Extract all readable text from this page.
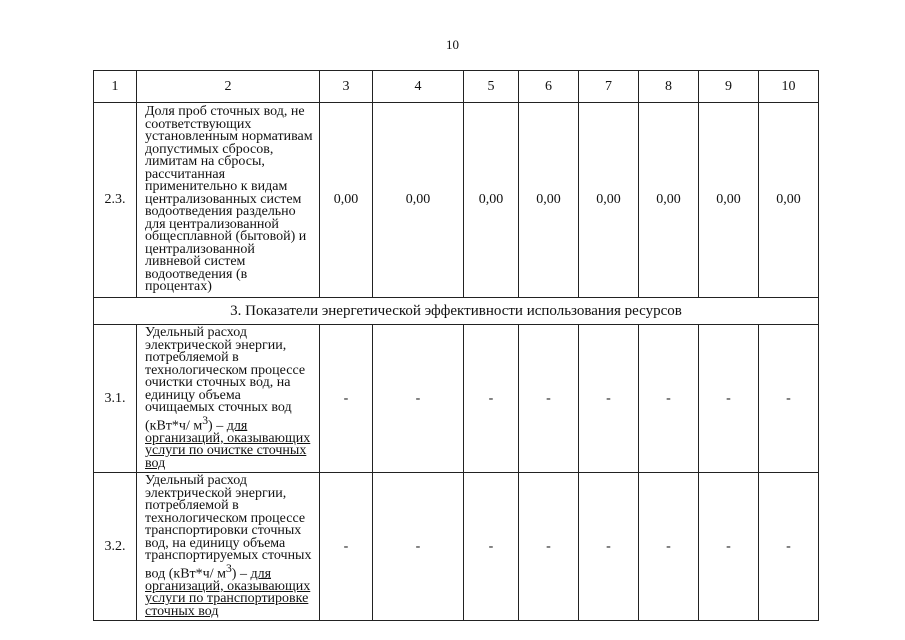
10
1	2	3	4	5	6	7	8	9	10
2.3.	Доля проб сточных вод, не соответствующих установленным нормативам допустимых сбросов, лимитам на сбросы, рассчитанная применительно к видам централизованных систем водоотведения раздельно для централизованной общесплавной (бытовой) и централизованной ливневой систем водоотведения (в процентах)	0,00	0,00	0,00	0,00	0,00	0,00	0,00	0,00
3. Показатели энергетической эффективности использования ресурсов									
3.1.	Удельный расход электрической энергии, потребляемой в технологическом процессе очистки сточных вод, на единицу объема очищаемых сточных вод (кВт*ч/ $м^3$) – для организаций, оказывающих услуги по очистке сточных вод	-	-	-	-	-	-	-	-
3.2.	Удельный расход электрической энергии, потребляемой в технологическом процессе транспортировки сточных вод, на единицу объема транспортируемых сточных вод (кВт*ч/ $м^3$) – для организаций, оказывающих услуги по транспортировке сточных вод	-	-	-	-	-	-	-	-
